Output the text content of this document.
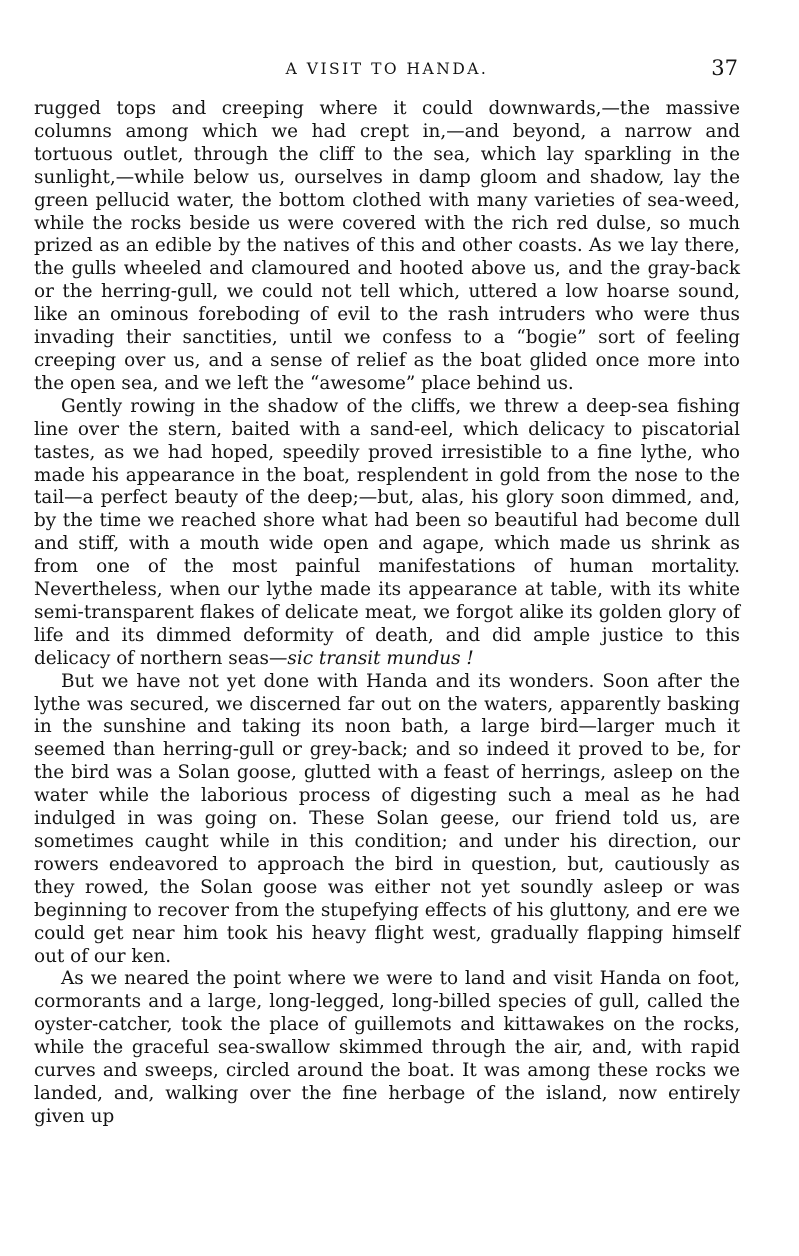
A VISIT TO HANDA.	37

rugged tops and creeping where it could downwards,—the massive columns among which we had crept in,—and beyond, a narrow and tortuous outlet, through the cliff to the sea, which lay sparkling in the sunlight,—while below us, ourselves in damp gloom and shadow, lay the green pellucid water, the bottom clothed with many varieties of sea-weed, while the rocks beside us were covered with the rich red dulse, so much prized as an edible by the natives of this and other coasts. As we lay there, the gulls wheeled and clamoured and hooted above us, and the gray-back or the herring-gull, we could not tell which, uttered a low hoarse sound, like an ominous foreboding of evil to the rash intruders who were thus invading their sanctities, until we confess to a “bogie” sort of feeling creeping over us, and a sense of relief as the boat glided once more into the open sea, and we left the “awesome” place behind us.

Gently rowing in the shadow of the cliffs, we threw a deep-sea fishing line over the stern, baited with a sand-eel, which delicacy to piscatorial tastes, as we had hoped, speedily proved irresistible to a fine lythe, who made his appearance in the boat, resplendent in gold from the nose to the tail—a perfect beauty of the deep;—but, alas, his glory soon dimmed, and, by the time we reached shore what had been so beautiful had become dull and stiff, with a mouth wide open and agape, which made us shrink as from one of the most painful manifestations of human mortality. Nevertheless, when our lythe made its appearance at table, with its white semi-transparent flakes of delicate meat, we forgot alike its golden glory of life and its dimmed deformity of death, and did ample justice to this delicacy of northern seas—sic transit mundus !

But we have not yet done with Handa and its wonders. Soon after the lythe was secured, we discerned far out on the waters, apparently basking in the sunshine and taking its noon bath, a large bird—larger much it seemed than herring-gull or grey-back; and so indeed it proved to be, for the bird was a Solan goose, glutted with a feast of herrings, asleep on the water while the laborious process of digesting such a meal as he had indulged in was going on. These Solan geese, our friend told us, are sometimes caught while in this condition; and under his direction, our rowers endeavored to approach the bird in question, but, cautiously as they rowed, the Solan goose was either not yet soundly asleep or was beginning to recover from the stupefying effects of his gluttony, and ere we could get near him took his heavy flight west, gradually flapping himself out of our ken.

As we neared the point where we were to land and visit Handa on foot, cormorants and a large, long-legged, long-billed species of gull, called the oyster-catcher, took the place of guillemots and kittawakes on the rocks, while the graceful sea-swallow skimmed through the air, and, with rapid curves and sweeps, circled around the boat. It was among these rocks we landed, and, walking over the fine herbage of the island, now entirely given up
